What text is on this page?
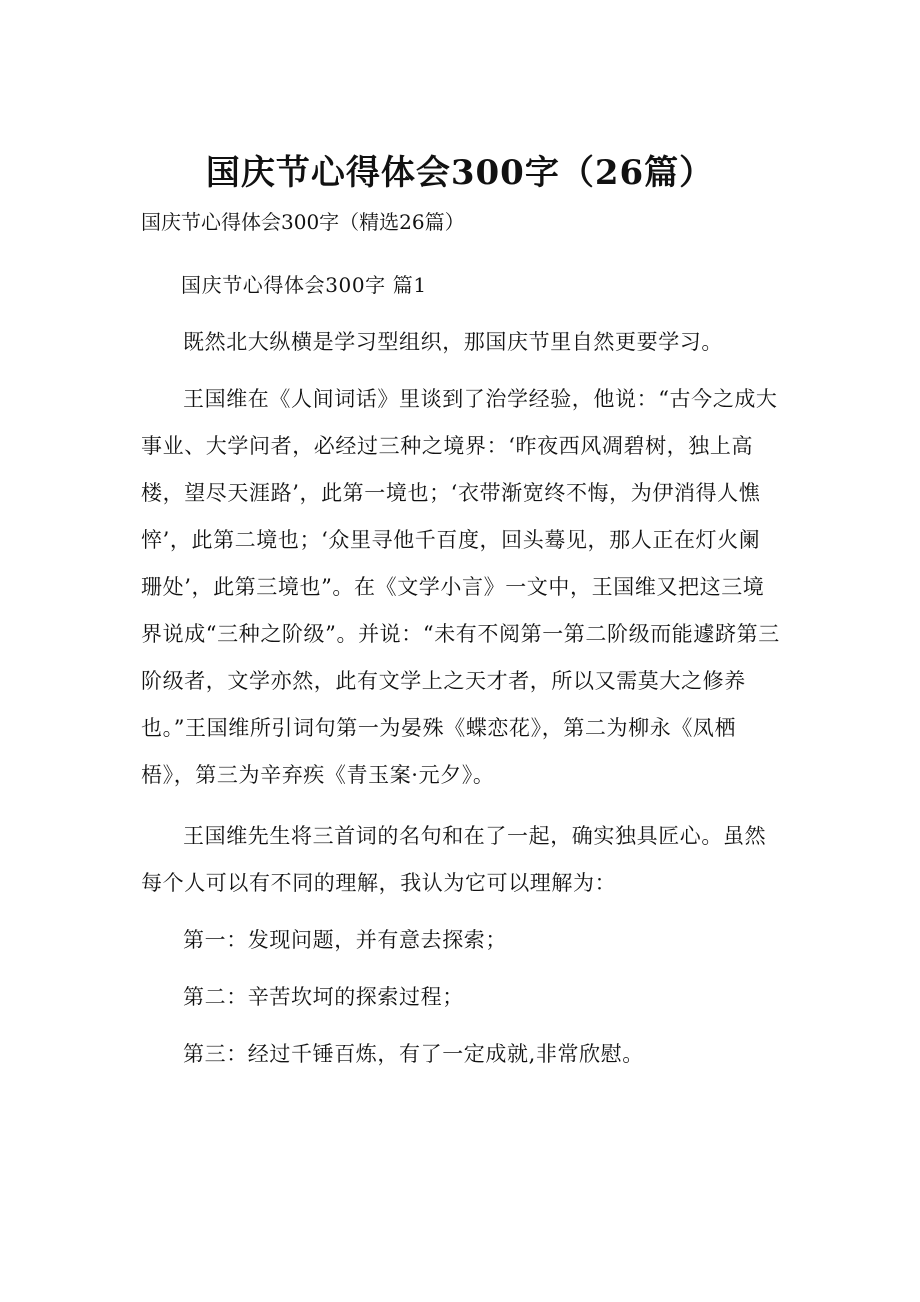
国庆节心得体会300字（26篇）
国庆节心得体会300字（精选26篇）

国庆节心得体会300字 篇1

既然北大纵横是学习型组织，那国庆节里自然更要学习。

王国维在《人间词话》里谈到了治学经验，他说：“古今之成大事业、大学问者，必经过三种之境界：‘昨夜西风凋碧树，独上高楼，望尽天涯路’，此第一境也；‘衣带渐宽终不悔，为伊消得人憔悴’，此第二境也；‘众里寻他千百度，回头蓦见，那人正在灯火阑珊处’，此第三境也”。在《文学小言》一文中，王国维又把这三境界说成“三种之阶级”。并说：“未有不阅第一第二阶级而能遽跻第三阶级者，文学亦然，此有文学上之天才者，所以又需莫大之修养也。”王国维所引词句第一为晏殊《蝶恋花》，第二为柳永《凤栖梧》，第三为辛弃疾《青玉案·元夕》。

王国维先生将三首词的名句和在了一起，确实独具匠心。虽然每个人可以有不同的理解，我认为它可以理解为：

第一：发现问题，并有意去探索；

第二：辛苦坎坷的探索过程；

第三：经过千锤百炼，有了一定成就,非常欣慰。
